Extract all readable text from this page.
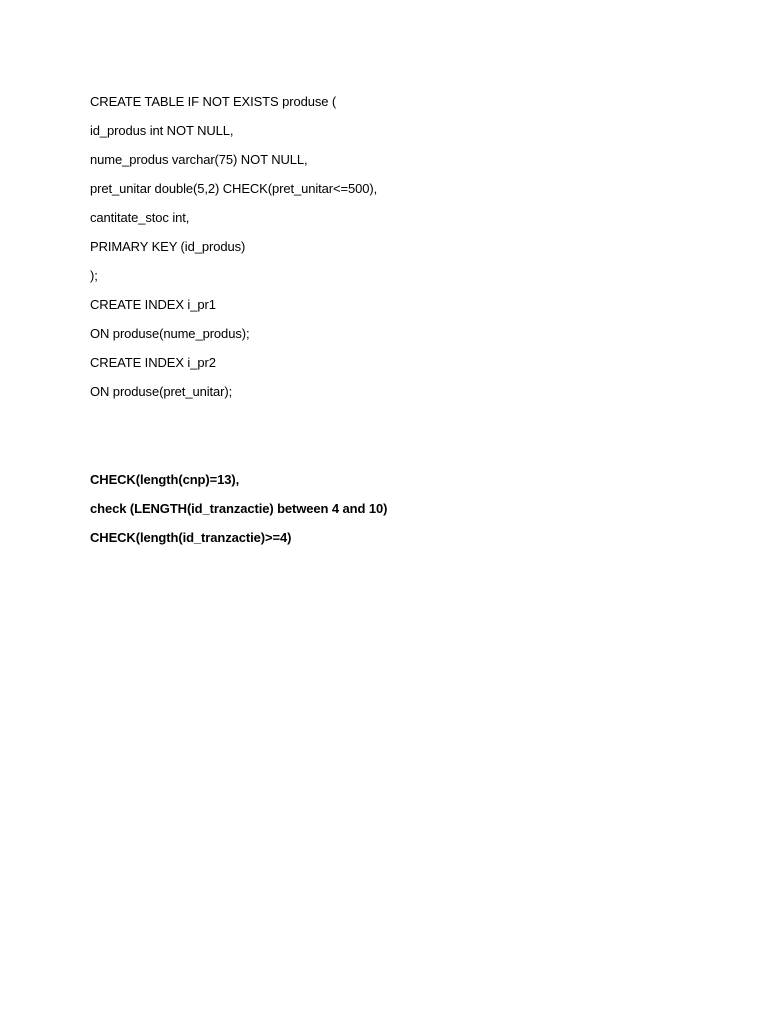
CREATE TABLE IF NOT EXISTS produse (
id_produs int NOT NULL,
nume_produs varchar(75) NOT NULL,
pret_unitar double(5,2) CHECK(pret_unitar<=500),
cantitate_stoc int,
PRIMARY KEY (id_produs)
);
CREATE INDEX i_pr1
ON produse(nume_produs);
CREATE INDEX i_pr2
ON produse(pret_unitar);
CHECK(length(cnp)=13),
check (LENGTH(id_tranzactie) between 4 and 10)
CHECK(length(id_tranzactie)>=4)
